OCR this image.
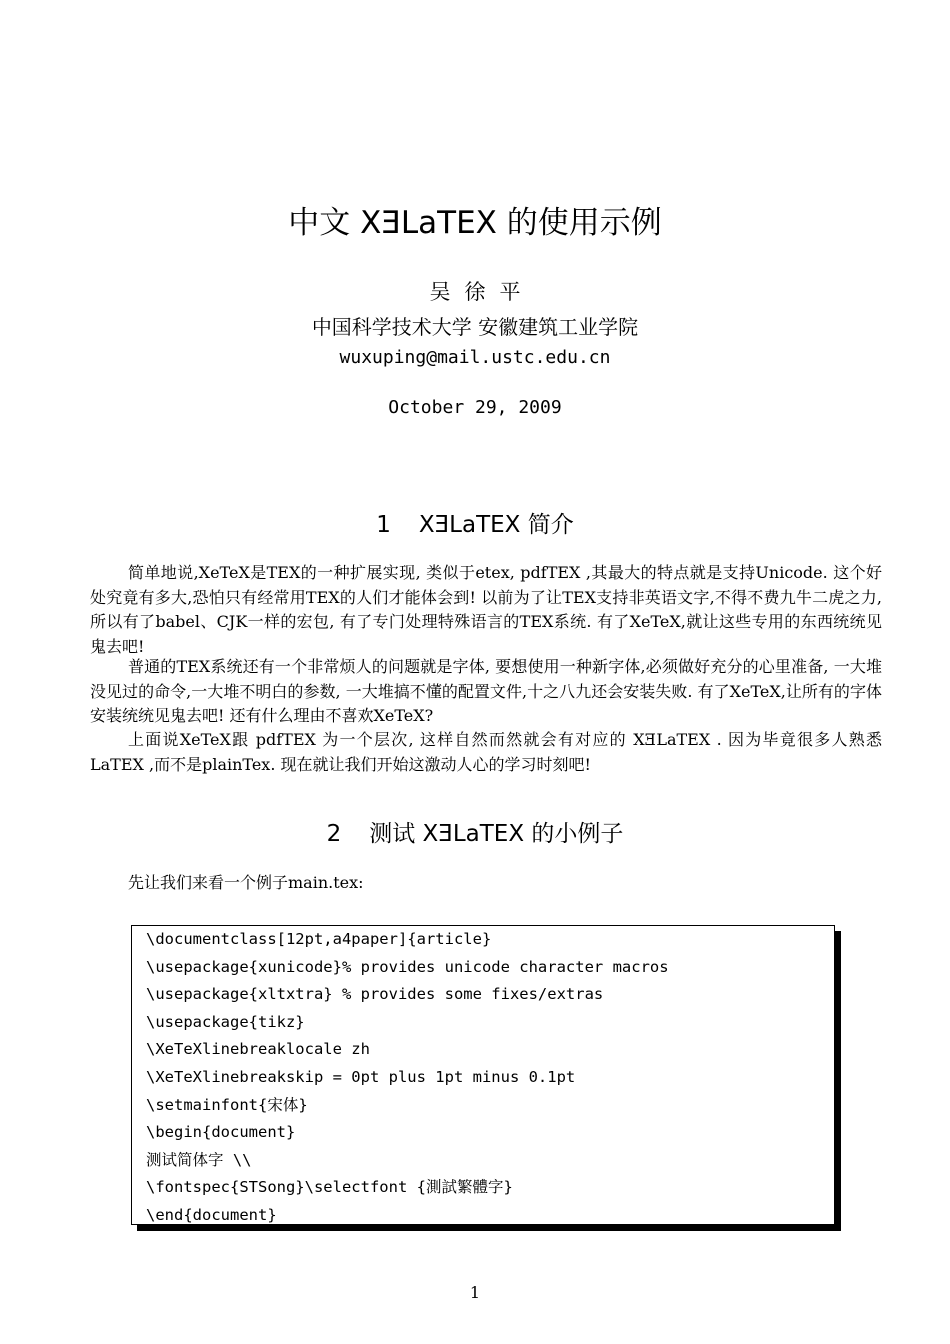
中文 XƎLaTEX 的使用示例
吴徐平
中国科学技术大学 安徽建筑工业学院
wuxuping@mail.ustc.edu.cn
October 29, 2009
1 XƎLaTEX 简介
简单地说,XeTeX是TEX的一种扩展实现, 类似于etex, pdfTEX ,其最大的特点就是支持Unicode. 这个好处究竟有多大,恐怕只有经常用TEX的人们才能体会到! 以前为了让TEX支持非英语文字,不得不费九牛二虎之力, 所以有了babel、CJK一样的宏包, 有了专门处理特殊语言的TEX系统. 有了XeTeX,就让这些专用的东西统统见鬼去吧!
普通的TEX系统还有一个非常烦人的问题就是字体, 要想使用一种新字体,必须做好充分的心里准备, 一大堆没见过的命令,一大堆不明白的参数, 一大堆搞不懂的配置文件,十之八九还会安装失败. 有了XeTeX,让所有的字体安装统统见鬼去吧! 还有什么理由不喜欢XeTeX?
上面说XeTeX跟 pdfTEX 为一个层次, 这样自然而然就会有对应的 XƎLaTEX . 因为毕竟很多人熟悉 LaTEX ,而不是plainTex. 现在就让我们开始这激动人心的学习时刻吧!
2 测试 XƎLaTEX 的小例子
先让我们来看一个例子main.tex:
\documentclass[12pt,a4paper]{article}
\usepackage{xunicode}% provides unicode character macros
\usepackage{xltxtra} % provides some fixes/extras
\usepackage{tikz}
\XeTeXlinebreaklocale zh
\XeTeXlinebreakskip = 0pt plus 1pt minus 0.1pt
\setmainfont{宋体}
\begin{document}
测试简体字 \\
\fontspec{STSong}\selectfont {測試繁體字}
\end{document}
1
